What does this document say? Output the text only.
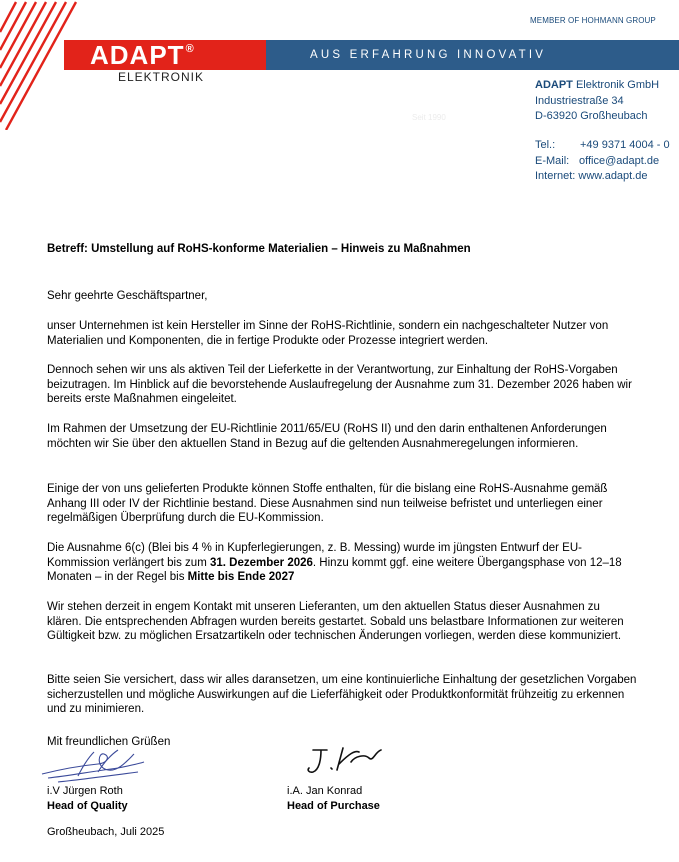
MEMBER OF HOHMANN GROUP
ADAPT®	AUS ERFAHRUNG INNOVATIV
ELEKTRONIK
Seit 1990
ADAPT Elektronik GmbH
Industriestraße 34
D-63920 Großheubach
Tel.: +49 9371 4004 - 0
E-Mail: office@adapt.de
Internet: www.adapt.de
Betreff: Umstellung auf RoHS-konforme Materialien – Hinweis zu Maßnahmen

Sehr geehrte Geschäftspartner,

unser Unternehmen ist kein Hersteller im Sinne der RoHS-Richtlinie, sondern ein nachgeschalteter Nutzer von Materialien und Komponenten, die in fertige Produkte oder Prozesse integriert werden.

Dennoch sehen wir uns als aktiven Teil der Lieferkette in der Verantwortung, zur Einhaltung der RoHS-Vorgaben beizutragen. Im Hinblick auf die bevorstehende Auslaufregelung der Ausnahme zum 31. Dezember 2026 haben wir bereits erste Maßnahmen eingeleitet.

Im Rahmen der Umsetzung der EU-Richtlinie 2011/65/EU (RoHS II) und den darin enthaltenen Anforderungen möchten wir Sie über den aktuellen Stand in Bezug auf die geltenden Ausnahmeregelungen informieren.

Einige der von uns gelieferten Produkte können Stoffe enthalten, für die bislang eine RoHS-Ausnahme gemäß Anhang III oder IV der Richtlinie bestand. Diese Ausnahmen sind nun teilweise befristet und unterliegen einer regelmäßigen Überprüfung durch die EU-Kommission.

Die Ausnahme 6(c) (Blei bis 4 % in Kupferlegierungen, z. B. Messing) wurde im jüngsten Entwurf der EU-Kommission verlängert bis zum 31. Dezember 2026. Hinzu kommt ggf. eine weitere Übergangsphase von 12–18 Monaten – in der Regel bis Mitte bis Ende 2027

Wir stehen derzeit in engem Kontakt mit unseren Lieferanten, um den aktuellen Status dieser Ausnahmen zu klären. Die entsprechenden Abfragen wurden bereits gestartet. Sobald uns belastbare Informationen zur weiteren Gültigkeit bzw. zu möglichen Ersatzartikeln oder technischen Änderungen vorliegen, werden diese kommuniziert.

Bitte seien Sie versichert, dass wir alles daransetzen, um eine kontinuierliche Einhaltung der gesetzlichen Vorgaben sicherzustellen und mögliche Auswirkungen auf die Lieferfähigkeit oder Produktkonformität frühzeitig zu erkennen und zu minimieren.

Mit freundlichen Grüßen

i.V Jürgen Roth
Head of Quality
i.A. Jan Konrad
Head of Purchase
Großheubach, Juli 2025
